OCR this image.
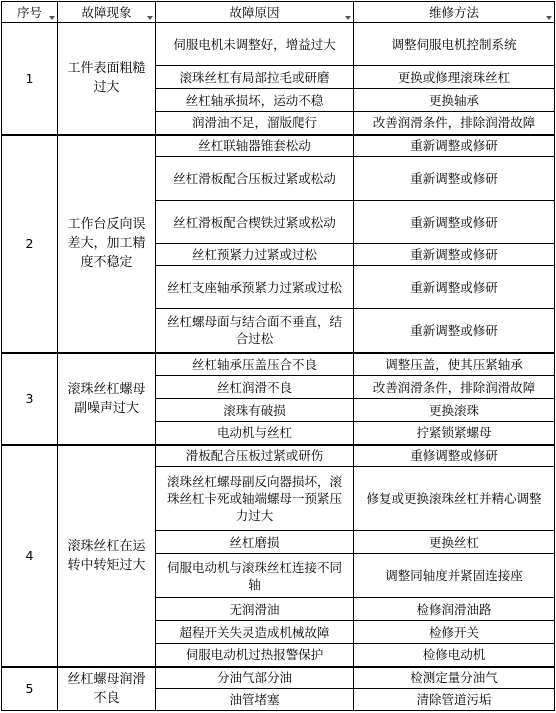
序号	故障现象	故障原因	维修方法

1	工件表面粗糙过大	伺服电机未调整好，增益过大	调整伺服电机控制系统
		滚珠丝杠有局部拉毛或研磨	更换或修理滚珠丝杠
		丝杠轴承损坏，运动不稳	更换轴承
		润滑油不足，溜版爬行	改善润滑条件，排除润滑故障
2	工作台反向误差大，加工精度不稳定	丝杠联轴器锥套松动	重新调整或修研
		丝杠滑板配合压板过紧或松动	重新调整或修研
		丝杠滑板配合楔铁过紧或松动	重新调整或修研
		丝杠预紧力过紧或过松	重新调整或修研
		丝杠支座轴承预紧力过紧或过松	重新调整或修研
		丝杠螺母面与结合面不垂直，结合过松	重新调整或修研
3	滚珠丝杠螺母副噪声过大	丝杠轴承压盖压合不良	调整压盖，使其压紧轴承
		丝杠润滑不良	改善润滑条件，排除润滑故障
		滚珠有破损	更换滚珠
		电动机与丝杠	拧紧锁紧螺母
4	滚珠丝杠在运转中转矩过大	滑板配合压板过紧或研伤	重修调整或修研
		滚珠丝杠螺母副反向器损坏，滚珠丝杠卡死或轴端螺母一预紧压力过大	修复或更换滚珠丝杠并精心调整
		丝杠磨损	更换丝杠
		伺服电动机与滚珠丝杠连接不同轴	调整同轴度并紧固连接座
		无润滑油	检修润滑油路
		超程开关失灵造成机械故障	检修开关
		伺服电动机过热报警保护	检修电动机
5	丝杠螺母润滑不良	分油气部分油	检测定量分油气
		油管堵塞	清除管道污垢
